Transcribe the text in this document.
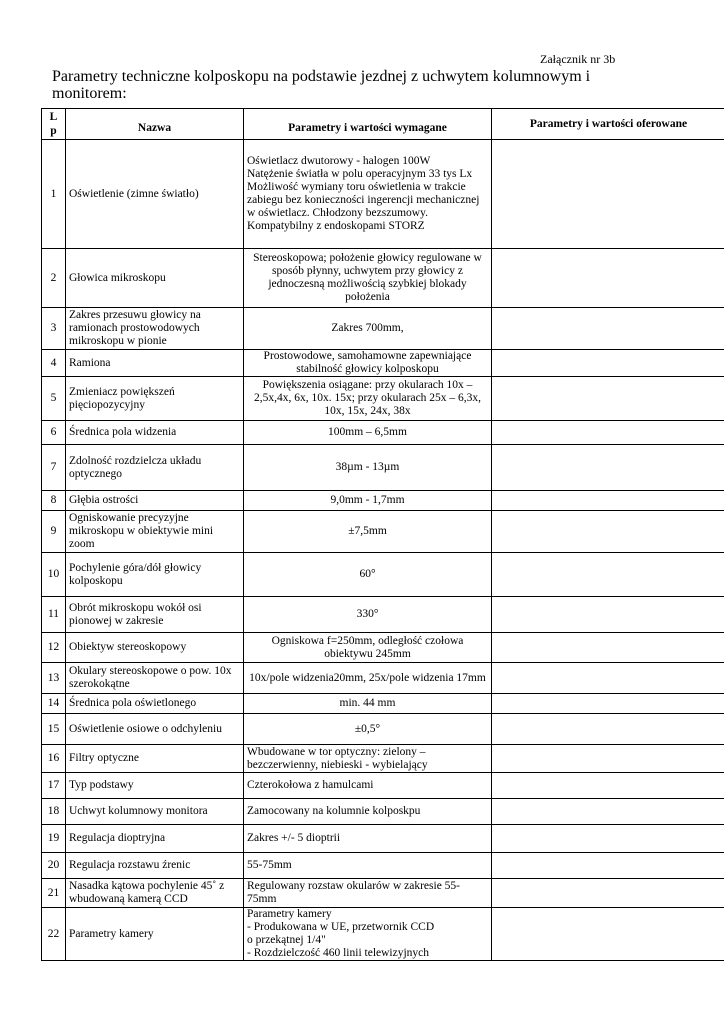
Załącznik nr 3b
Parametry techniczne kolposkopu na podstawie jezdnej z uchwytem kolumnowym i
monitorem:
L
p	Nazwa	Parametry i wartości wymagane	Parametry i wartości oferowane
1	Oświetlenie (zimne światło)	Oświetlacz dwutorowy - halogen 100W
Natężenie światła w polu operacyjnym 33 tys Lx
Możliwość wymiany toru oświetlenia w trakcie zabiegu bez konieczności ingerencji mechanicznej w oświetlacz. Chłodzony bezszumowy. Kompatybilny z endoskopami STORZ	
2	Głowica mikroskopu	Stereoskopowa; położenie głowicy regulowane w sposób płynny, uchwytem przy głowicy z jednoczesną możliwością szybkiej blokady położenia	
3	Zakres przesuwu głowicy na ramionach prostowodowych mikroskopu w pionie	Zakres 700mm,	
4	Ramiona	Prostowodowe, samohamowne zapewniające stabilność głowicy kolposkopu	
5	Zmieniacz powiększeń
pięciopozycyjny	Powiększenia osiągane: przy okularach 10x – 2,5x,4x, 6x, 10x. 15x; przy okularach 25x – 6,3x, 10x, 15x, 24x, 38x	
6	Średnica pola widzenia	100mm – 6,5mm	
7	Zdolność rozdzielcza układu
optycznego	38µm - 13µm	
8	Głębia ostrości	9,0mm - 1,7mm	
9	Ogniskowanie precyzyjne mikroskopu w obiektywie mini zoom	±7,5mm	
10	Pochylenie góra/dół głowicy
kolposkopu	60°	
11	Obrót mikroskopu wokół osi pionowej w zakresie	330°	
12	Obiektyw stereoskopowy	Ogniskowa f=250mm, odległość czołowa obiektywu 245mm	
13	Okulary stereoskopowe o pow. 10x szerokokątne	10x/pole widzenia20mm, 25x/pole widzenia 17mm	
14	Średnica pola oświetlonego	min. 44 mm	
15	Oświetlenie osiowe o odchyleniu	±0,5°	
16	Filtry optyczne	Wbudowane w tor optyczny: zielony –
bezczerwienny, niebieski - wybielający	
17	Typ podstawy	Czterokołowa z hamulcami	
18	Uchwyt kolumnowy monitora	Zamocowany na kolumnie kolposkpu	
19	Regulacja dioptryjna	Zakres +/- 5 dioptrii	
20	Regulacja rozstawu źrenic	55-75mm	
21	Nasadka kątowa pochylenie 45˚ z wbudowaną kamerą CCD	Regulowany rozstaw okularów w zakresie 55-75mm	
22	Parametry kamery	Parametry kamery
- Produkowana w UE, przetwornik CCD
o przekątnej 1/4"
- Rozdzielczość 460 linii telewizyjnych	
